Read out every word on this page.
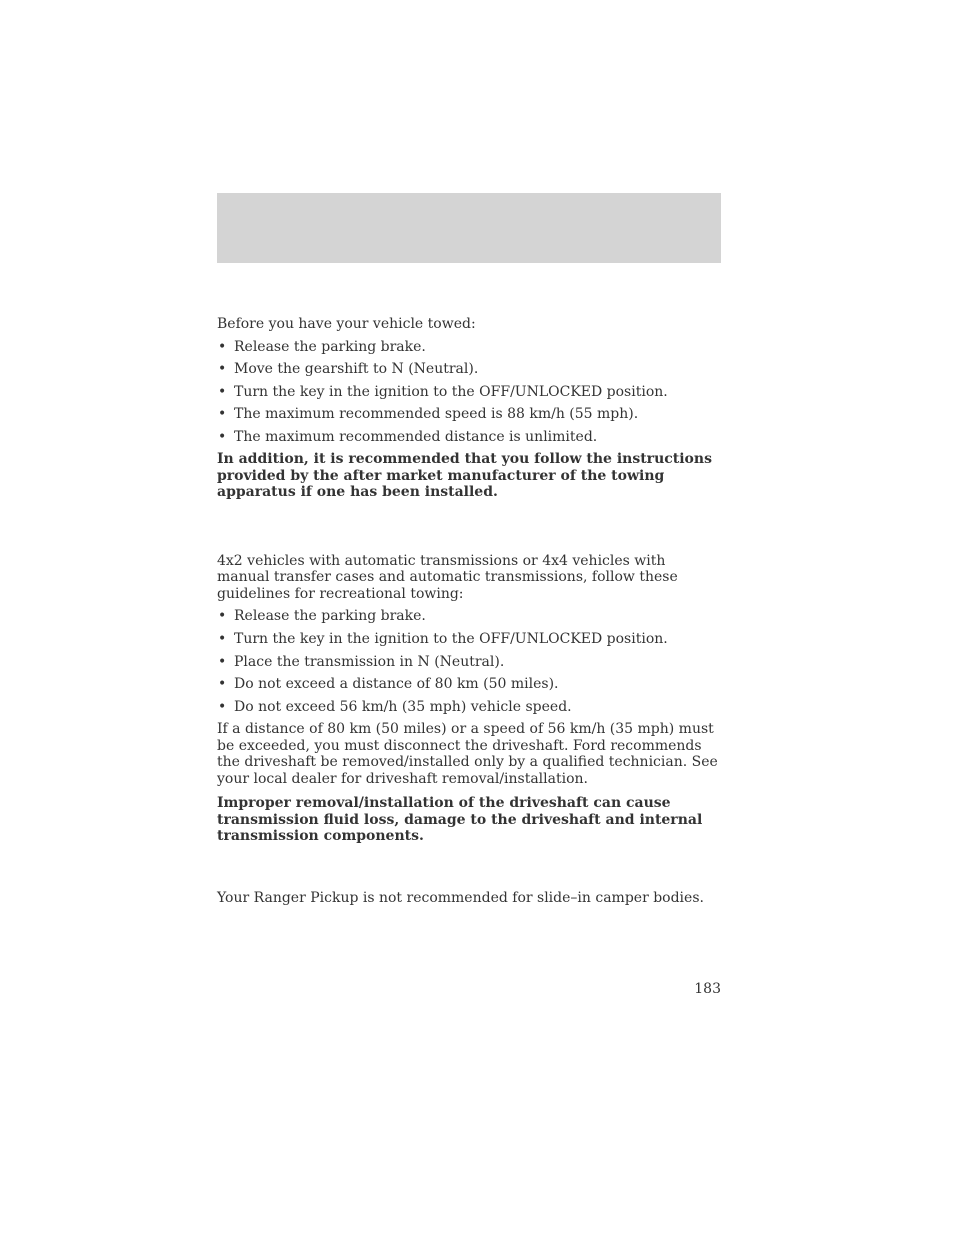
Before you have your vehicle towed:

• Release the parking brake.
• Move the gearshift to N (Neutral).
• Turn the key in the ignition to the OFF/UNLOCKED position.
• The maximum recommended speed is 88 km/h (55 mph).
• The maximum recommended distance is unlimited.

In addition, it is recommended that you follow the instructions provided by the after market manufacturer of the towing apparatus if one has been installed.

4x2 vehicles with automatic transmissions or 4x4 vehicles with manual transfer cases and automatic transmissions, follow these guidelines for recreational towing:

• Release the parking brake.
• Turn the key in the ignition to the OFF/UNLOCKED position.
• Place the transmission in N (Neutral).
• Do not exceed a distance of 80 km (50 miles).
• Do not exceed 56 km/h (35 mph) vehicle speed.

If a distance of 80 km (50 miles) or a speed of 56 km/h (35 mph) must be exceeded, you must disconnect the driveshaft. Ford recommends the driveshaft be removed/installed only by a qualified technician. See your local dealer for driveshaft removal/installation.

Improper removal/installation of the driveshaft can cause transmission fluid loss, damage to the driveshaft and internal transmission components.

Your Ranger Pickup is not recommended for slide–in camper bodies.

183
